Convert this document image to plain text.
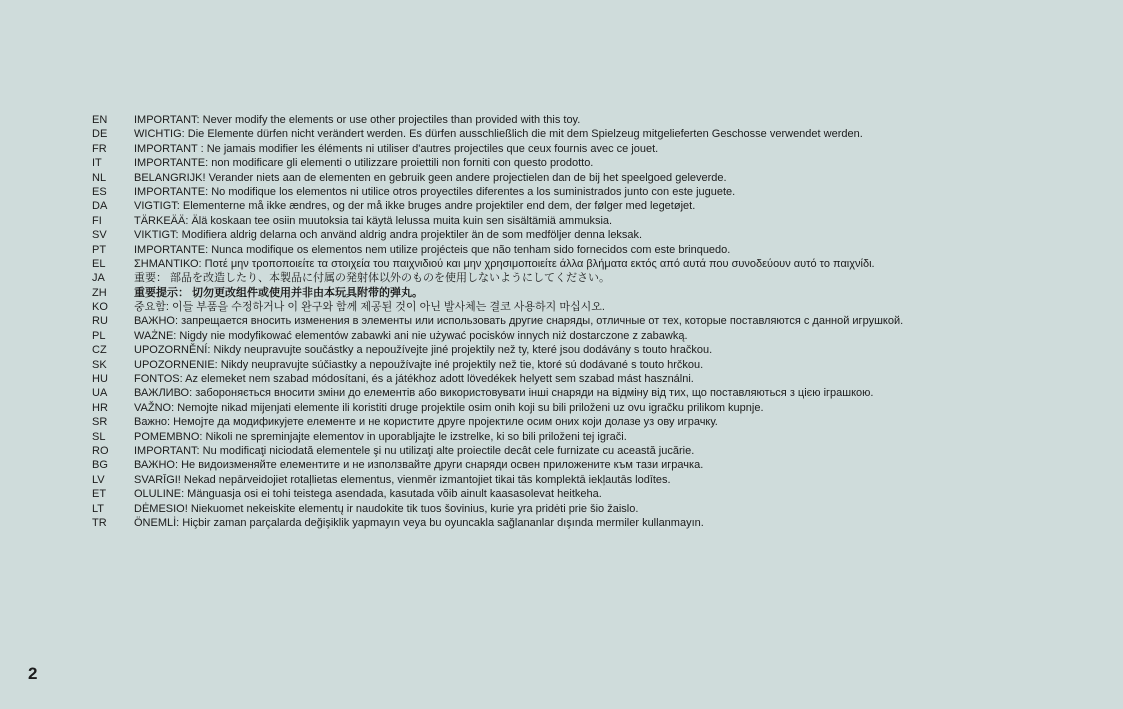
EN	IMPORTANT: Never modify the elements or use other projectiles than provided with this toy.
DE	WICHTIG: Die Elemente dürfen nicht verändert werden. Es dürfen ausschließlich die mit dem Spielzeug mitgelieferten Geschosse verwendet werden.
FR	IMPORTANT : Ne jamais modifier les éléments ni utiliser d'autres projectiles que ceux fournis avec ce jouet.
IT	IMPORTANTE: non modificare gli elementi o utilizzare proiettili non forniti con questo prodotto.
NL	BELANGRIJK! Verander niets aan de elementen en gebruik geen andere projectielen dan de bij het speelgoed geleverde.
ES	IMPORTANTE: No modifique los elementos ni utilice otros proyectiles diferentes a los suministrados junto con este juguete.
DA	VIGTIGT: Elementerne må ikke ændres, og der må ikke bruges andre projektiler end dem, der følger med legetøjet.
FI	TÄRKEÄÄ: Älä koskaan tee osiin muutoksia tai käytä lelussa muita kuin sen sisältämiä ammuksia.
SV	VIKTIGT: Modifiera aldrig delarna och använd aldrig andra projektiler än de som medföljer denna leksak.
PT	IMPORTANTE: Nunca modifique os elementos nem utilize projécteis que não tenham sido fornecidos com este brinquedo.
EL	ΣΗΜΑΝΤΙΚΟ: Ποτέ μην τροποποιείτε τα στοιχεία του παιχνιδιού και μην χρησιμοποιείτε άλλα βλήματα εκτός από αυτά που συνοδεύουν αυτό το παιχνίδι.
JA	重要： 部品を改造したり、本製品に付属の発射体以外のものを使用しないようにしてください。
ZH	重要提示： 切勿更改组件或使用并非由本玩具附带的弹丸。
KO	중요함: 이들 부품을 수정하거나 이 완구와 함께 제공된 것이 아닌 발사체는 결코 사용하지 마십시오.
RU	ВАЖНО: запрещается вносить изменения в элементы или использовать другие снаряды, отличные от тех, которые поставляются с данной игрушкой.
PL	WAŻNE: Nigdy nie modyfikować elementów zabawki ani nie używać pocisków innych niż dostarczone z zabawką.
CZ	UPOZORNĚNÍ: Nikdy neupravujte součástky a nepoužívejte jiné projektily než ty, které jsou dodávány s touto hračkou.
SK	UPOZORNENIE: Nikdy neupravujte súčiastky a nepoužívajte iné projektily než tie, ktoré sú dodávané s touto hrčkou.
HU	FONTOS: Az elemeket nem szabad módosítani, és a játékhoz adott lövedékek helyett sem szabad mást használni.
UA	ВАЖЛИВО: забороняється вносити зміни до елементів або використовувати інші снаряди на відміну від тих, що поставляються з цією іграшкою.
HR	VAŽNO: Nemojte nikad mijenjati elemente ili koristiti druge projektile osim onih koji su bili priloženi uz ovu igračku prilikom kupnje.
SR	Важно: Немојте да модификујете елементе и не користите друге пројектиле осим оних који долазе уз ову играчку.
SL	POMEMBNO: Nikoli ne spreminjajte elementov in uporabljajte le izstrelke, ki so bili priloženi tej igrači.
RO	IMPORTANT: Nu modificaţi niciodată elementele şi nu utilizaţi alte proiectile decât cele furnizate cu această jucărie.
BG	ВАЖНО: Не видоизменяйте елементите и не използвайте други снаряди освен приложените към тази играчка.
LV	SVARĪGI! Nekad nepārveidojiet rotaļlietas elementus, vienmēr izmantojiet tikai tās komplektā iekļautās lodītes.
ET	OLULINE: Mänguasja osi ei tohi teistega asendada, kasutada võib ainult kaasasolevat heitkeha.
LT	DĖMESIO! Niekuomet nekeiskite elementų ir naudokite tik tuos šovinius, kurie yra pridėti prie šio žaislo.
TR	ÖNEMLİ: Hiçbir zaman parçalarda değişiklik yapmayın veya bu oyuncakla sağlananlar dışında mermiler kullanmayın.
2
